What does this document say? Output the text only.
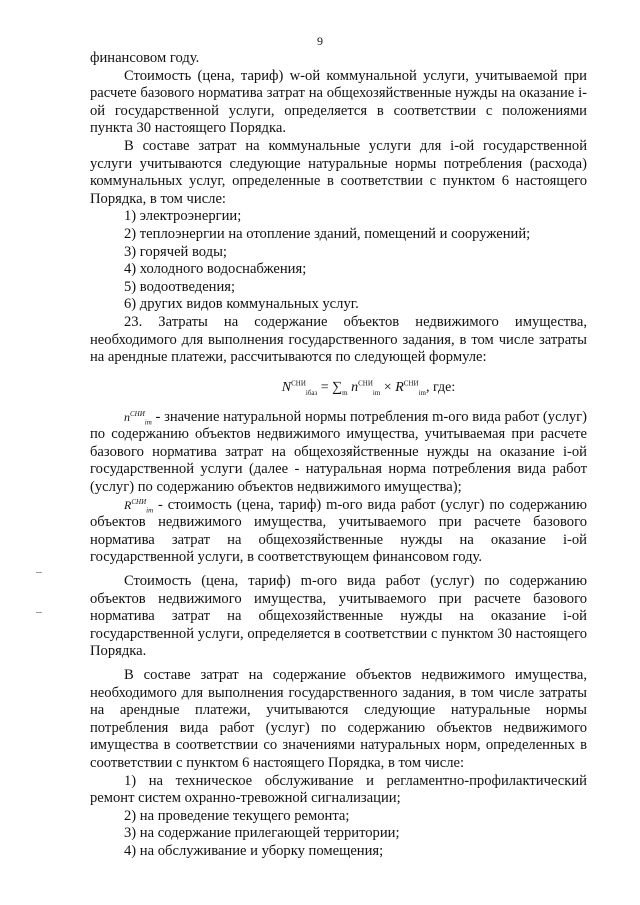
9

финансовом году.

Стоимость (цена, тариф) w-ой коммунальной услуги, учитываемой при расчете базового норматива затрат на общехозяйственные нужды на оказание i-ой государственной услуги, определяется в соответствии с положениями пункта 30 настоящего Порядка.

В составе затрат на коммунальные услуги для i-ой государственной услуги учитываются следующие натуральные нормы потребления (расхода) коммунальных услуг, определенные в соответствии с пунктом 6 настоящего Порядка, в том числе:

1) электроэнергии;

2) теплоэнергии на отопление зданий, помещений и сооружений;

3) горячей воды;

4) холодного водоснабжения;

5) водоотведения;

6) других видов коммунальных услуг.

23. Затраты на содержание объектов недвижимого имущества, необходимого для выполнения государственного задания, в том числе затраты на арендные платежи, рассчитываются по следующей формуле:

$N^{СНИ}_{iбаз} = \sum_m$ $n^{СНИ}_{im} \times R^{СНИ}_{im}$, где:

$n^{СНИ}_{im}$ - значение натуральной нормы потребления m-ого вида работ (услуг) по содержанию объектов недвижимого имущества, учитываемая при расчете базового норматива затрат на общехозяйственные нужды на оказание i-ой государственной услуги (далее - натуральная норма потребления вида работ (услуг) по содержанию объектов недвижимого имущества);

$R^{СНИ}_{im}$ - стоимость (цена, тариф) m-ого вида работ (услуг) по содержанию объектов недвижимого имущества, учитываемого при расчете базового норматива затрат на общехозяйственные нужды на оказание i-ой государственной услуги, в соответствующем финансовом году.

Стоимость (цена, тариф) m-ого вида работ (услуг) по содержанию объектов недвижимого имущества, учитываемого при расчете базового норматива затрат на общехозяйственные нужды на оказание i-ой государственной услуги, определяется в соответствии с пунктом 30 настоящего Порядка.

В составе затрат на содержание объектов недвижимого имущества, необходимого для выполнения государственного задания, в том числе затраты на арендные платежи, учитываются следующие натуральные нормы потребления вида работ (услуг) по содержанию объектов недвижимого имущества в соответствии со значениями натуральных норм, определенных в соответствии с пунктом 6 настоящего Порядка, в том числе:

1) на техническое обслуживание и регламентно-профилактический ремонт систем охранно-тревожной сигнализации;

2) на проведение текущего ремонта;

3) на содержание прилегающей территории;

4) на обслуживание и уборку помещения;
